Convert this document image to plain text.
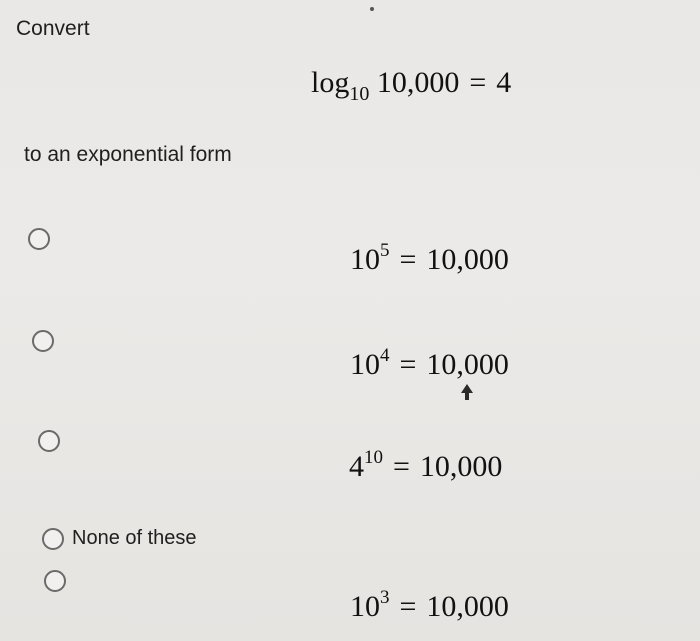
Convert
$\log_{10} 10,000 = 4$
to an exponential form
$10^5 = 10,000$
$10^4 = 10,000$
$4^{10} = 10,000$
None of these
$10^3 = 10,000$
